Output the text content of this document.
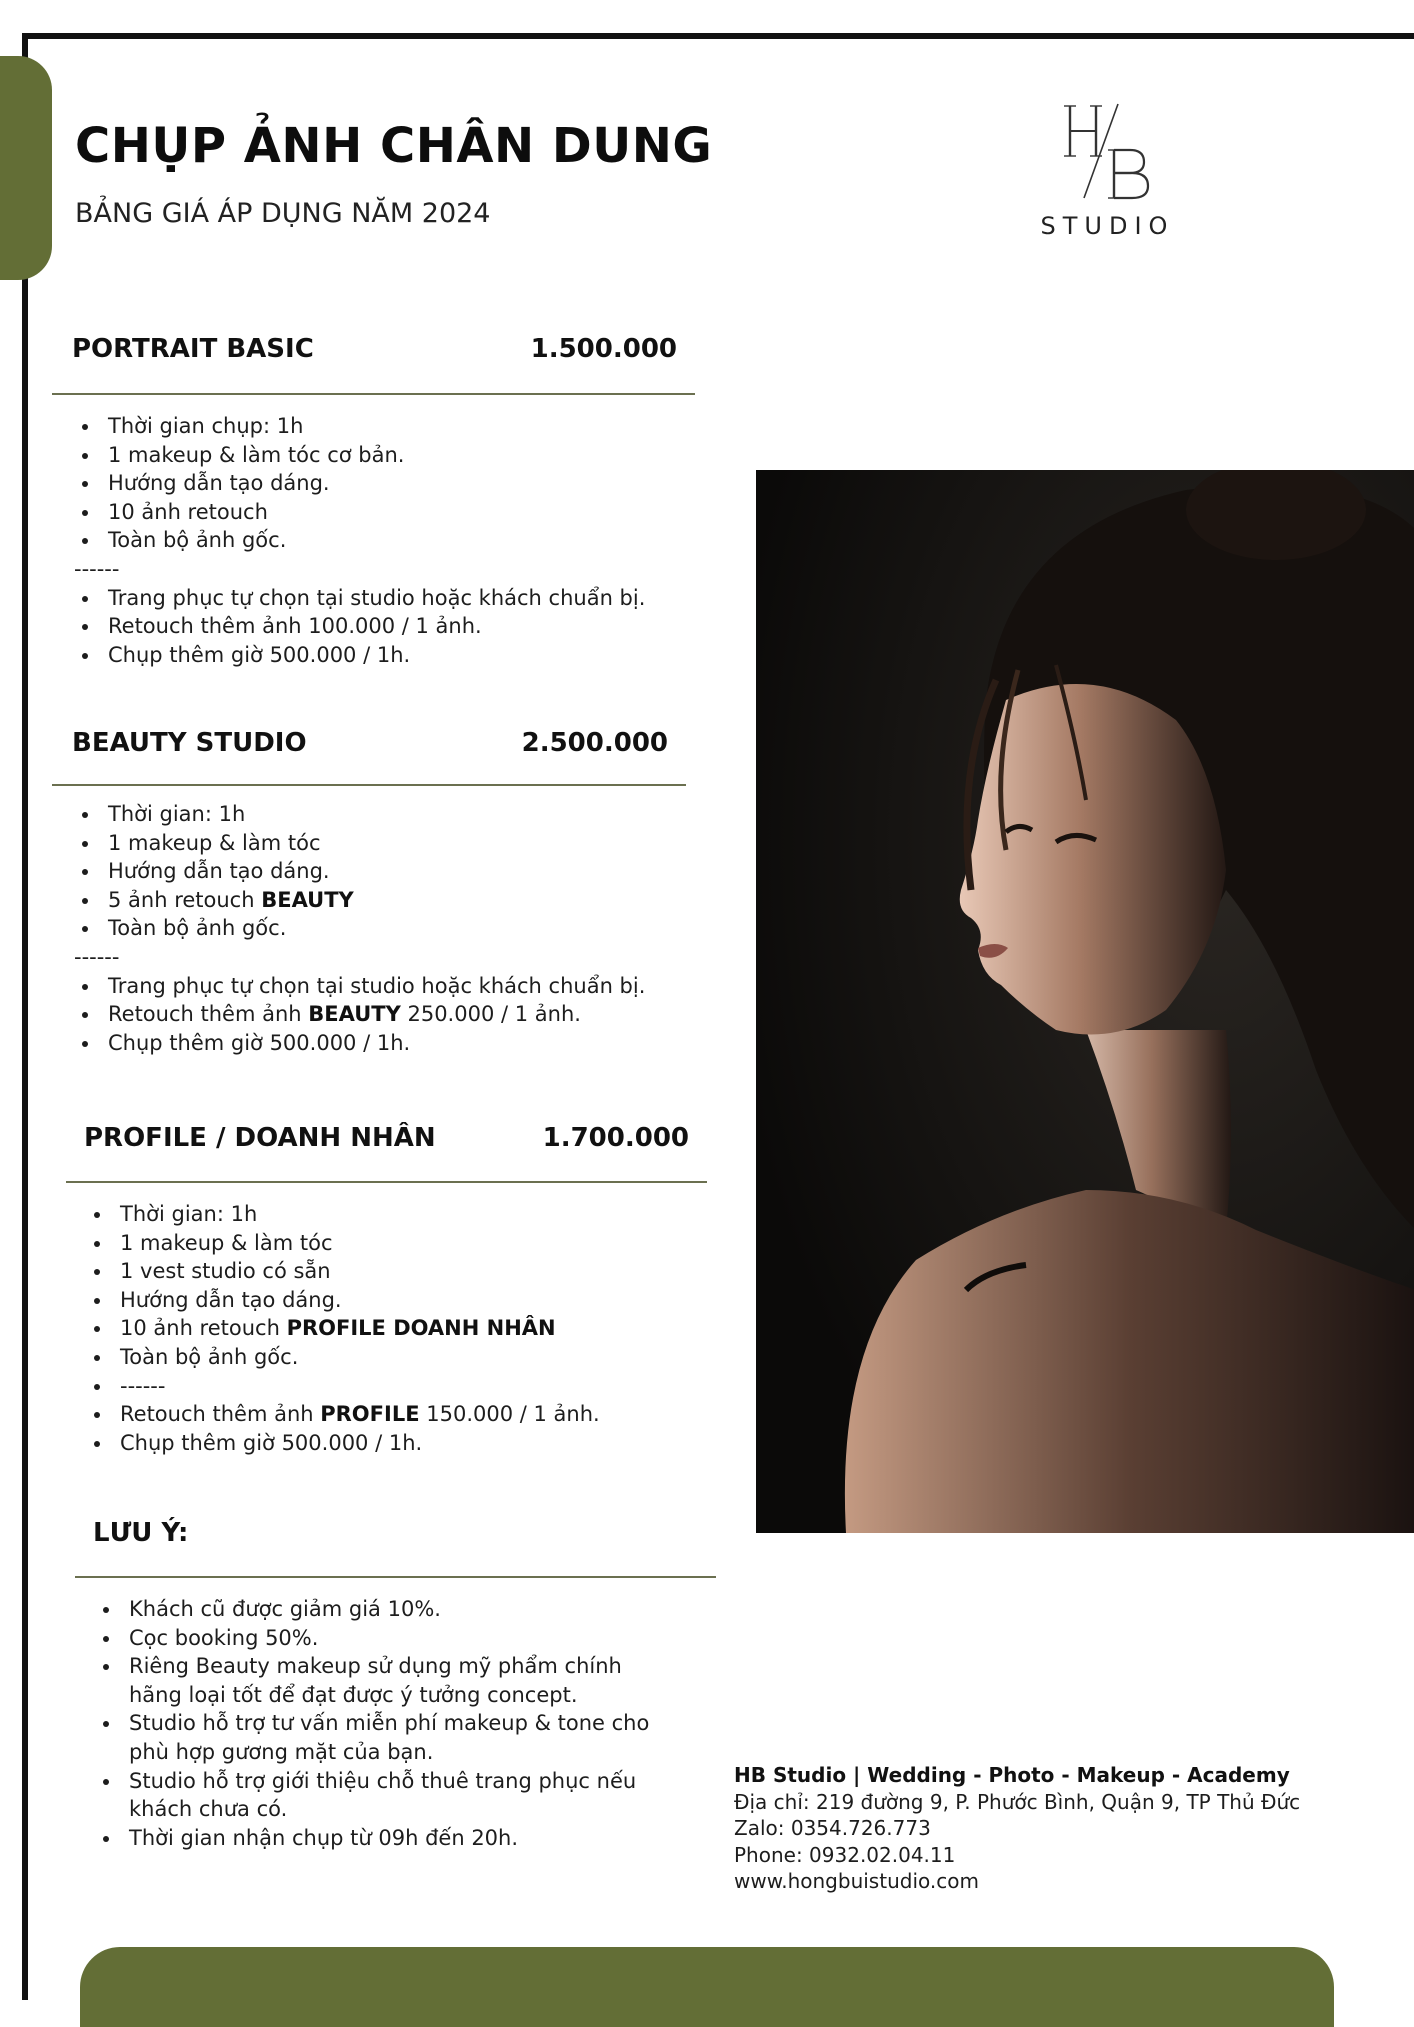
CHỤP ẢNH CHÂN DUNG

BẢNG GIÁ ÁP DỤNG NĂM 2024	STUDIO
PORTRAIT BASIC	1.500.000
Thời gian chụp: 1h
1 makeup & làm tóc cơ bản.
Hướng dẫn tạo dáng.
10 ảnh retouch
Toàn bộ ảnh gốc.
------
Trang phục tự chọn tại studio hoặc khách chuẩn bị.
Retouch thêm ảnh 100.000 / 1 ảnh.
Chụp thêm giờ 500.000 / 1h.
BEAUTY STUDIO	2.500.000
Thời gian: 1h
1 makeup & làm tóc
Hướng dẫn tạo dáng.
5 ảnh retouch BEAUTY
Toàn bộ ảnh gốc.
------
Trang phục tự chọn tại studio hoặc khách chuẩn bị.
Retouch thêm ảnh BEAUTY 250.000 / 1 ảnh.
Chụp thêm giờ 500.000 / 1h.
PROFILE / DOANH NHÂN	1.700.000
Thời gian: 1h
1 makeup & làm tóc
1 vest studio có sẵn
Hướng dẫn tạo dáng.
10 ảnh retouch PROFILE DOANH NHÂN
Toàn bộ ảnh gốc.
------
Retouch thêm ảnh PROFILE 150.000 / 1 ảnh.
Chụp thêm giờ 500.000 / 1h.
LƯU Ý:
Khách cũ được giảm giá 10%.
Cọc booking 50%.
Riêng Beauty makeup sử dụng mỹ phẩm chính hãng loại tốt để đạt được ý tưởng concept.
Studio hỗ trợ tư vấn miễn phí makeup & tone cho phù hợp gương mặt của bạn.
Studio hỗ trợ giới thiệu chỗ thuê trang phục nếu khách chưa có.
Thời gian nhận chụp từ 09h đến 20h.
HB Studio | Wedding - Photo - Makeup - Academy
Địa chỉ: 219 đường 9, P. Phước Bình, Quận 9, TP Thủ Đức
Zalo: 0354.726.773
Phone: 0932.02.04.11
www.hongbuistudio.com
